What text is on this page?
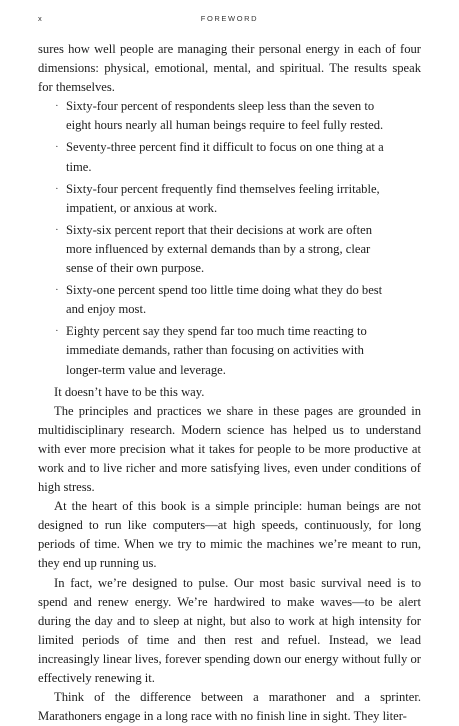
x	FOREWORD

sures how well people are managing their personal energy in each of four dimensions: physical, emotional, mental, and spiritual. The results speak for themselves.

· Sixty-four percent of respondents sleep less than the seven to eight hours nearly all human beings require to feel fully rested.
· Seventy-three percent find it difficult to focus on one thing at a time.
· Sixty-four percent frequently find themselves feeling irritable, impatient, or anxious at work.
· Sixty-six percent report that their decisions at work are often more influenced by external demands than by a strong, clear sense of their own purpose.
· Sixty-one percent spend too little time doing what they do best and enjoy most.
· Eighty percent say they spend far too much time reacting to immediate demands, rather than focusing on activities with longer-term value and leverage.

It doesn’t have to be this way.

The principles and practices we share in these pages are grounded in multidisciplinary research. Modern science has helped us to understand with ever more precision what it takes for people to be more productive at work and to live richer and more satisfying lives, even under conditions of high stress.

At the heart of this book is a simple principle: human beings are not designed to run like computers—at high speeds, continuously, for long periods of time. When we try to mimic the machines we’re meant to run, they end up running us.

In fact, we’re designed to pulse. Our most basic survival need is to spend and renew energy. We’re hardwired to make waves—to be alert during the day and to sleep at night, but also to work at high intensity for limited periods of time and then rest and refuel. Instead, we lead increasingly linear lives, forever spending down our energy without fully or effectively renewing it.

Think of the difference between a marathoner and a sprinter. Marathoners engage in a long race with no finish line in sight. They liter-
